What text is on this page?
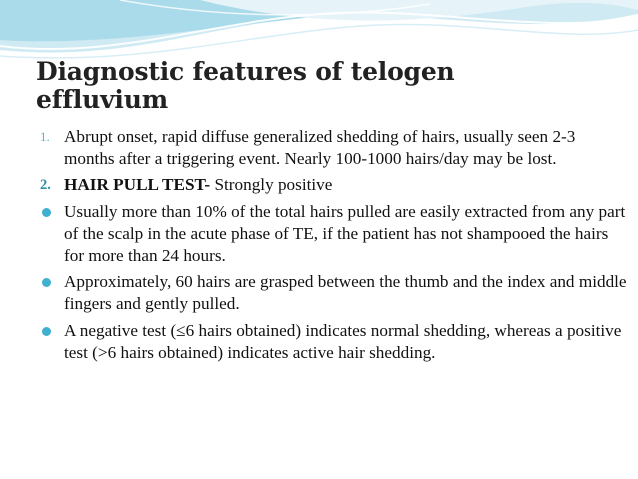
Diagnostic features of telogen
effluvium
1. Abrupt onset, rapid diffuse generalized shedding of hairs, usually seen 2-3 months after a triggering event. Nearly 100-1000 hairs/day may be lost.
2. HAIR PULL TEST- Strongly positive
Usually more than 10% of the total hairs pulled are easily extracted from any part of the scalp in the acute phase of TE, if the patient has not shampooed the hairs for more than 24 hours.
Approximately, 60 hairs are grasped between the thumb and the index and middle fingers and gently pulled.
A negative test (≤6 hairs obtained) indicates normal shedding, whereas a positive test (>6 hairs obtained) indicates active hair shedding.
